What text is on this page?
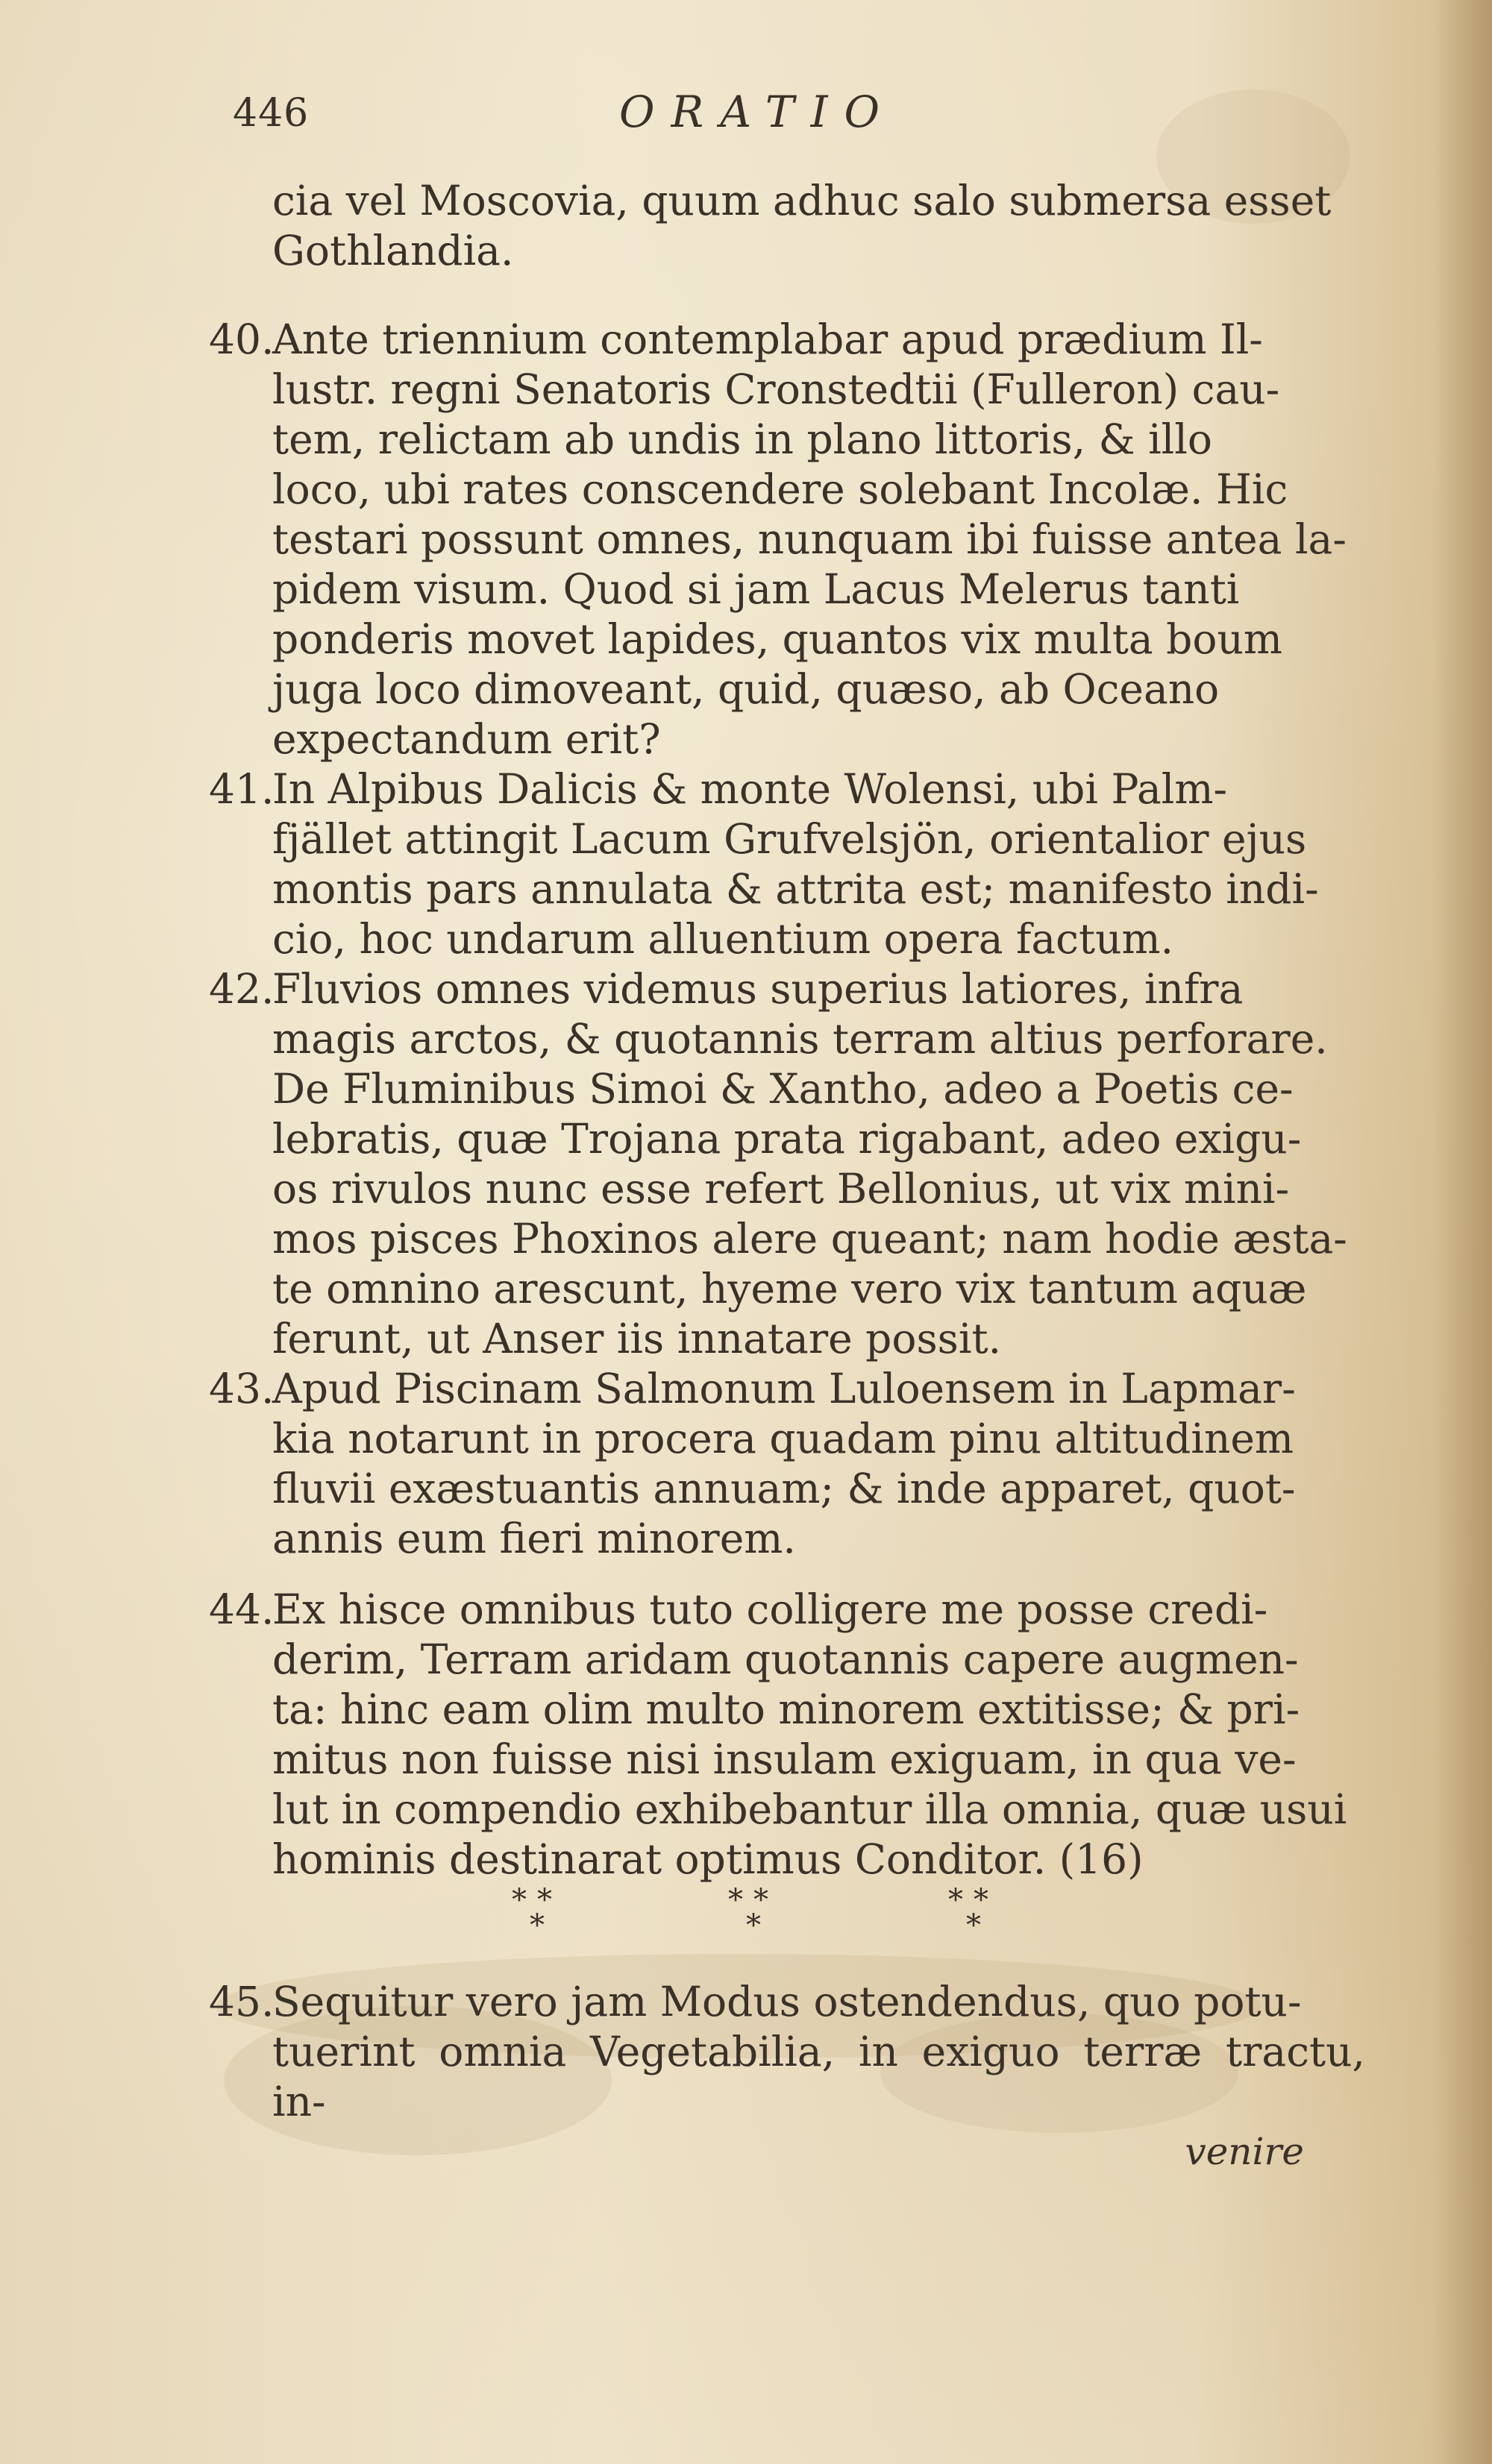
446	ORATIO
cia vel Moscovia, quum adhuc salo submersa esset
Gothlandia.
40.
Ante triennium contemplabar apud prædium Il-
lustr. regni Senatoris Cronstedtii (Fulleron) cau-
tem, relictam ab undis in plano littoris, & illo
loco, ubi rates conscendere solebant Incolæ. Hic
testari possunt omnes, nunquam ibi fuisse antea la-
pidem visum. Quod si jam Lacus Melerus tanti
ponderis movet lapides, quantos vix multa boum
juga loco dimoveant, quid, quæso, ab Oceano
expectandum erit?
41.
In Alpibus Dalicis & monte Wolensi, ubi Palm-
fjället attingit Lacum Grufvelsjön, orientalior ejus
montis pars annulata & attrita est; manifesto indi-
cio, hoc undarum alluentium opera factum.
42.
Fluvios omnes videmus superius latiores, infra
magis arctos, & quotannis terram altius perforare.
De Fluminibus Simoi & Xantho, adeo a Poetis ce-
lebratis, quæ Trojana prata rigabant, adeo exigu-
os rivulos nunc esse refert Bellonius, ut vix mini-
mos pisces Phoxinos alere queant; nam hodie æsta-
te omnino arescunt, hyeme vero vix tantum aquæ
ferunt, ut Anser iis innatare possit.
43.
Apud Piscinam Salmonum Luloensem in Lapmar-
kia notarunt in procera quadam pinu altitudinem
fluvii exæstuantis annuam; & inde apparet, quot-
annis eum fieri minorem.
44.
Ex hisce omnibus tuto colligere me posse credi-
derim, Terram aridam quotannis capere augmen-
ta: hinc eam olim multo minorem extitisse; & pri-
mitus non fuisse nisi insulam exiguam, in qua ve-
lut in compendio exhibebantur illa omnia, quæ usui
hominis destinarat optimus Conditor. (16)
**
*
**
*
**
*
45.
Sequitur vero jam Modus ostendendus, quo potu-
tuerint omnia Vegetabilia, in exiguo terræ tractu, in-
venire
